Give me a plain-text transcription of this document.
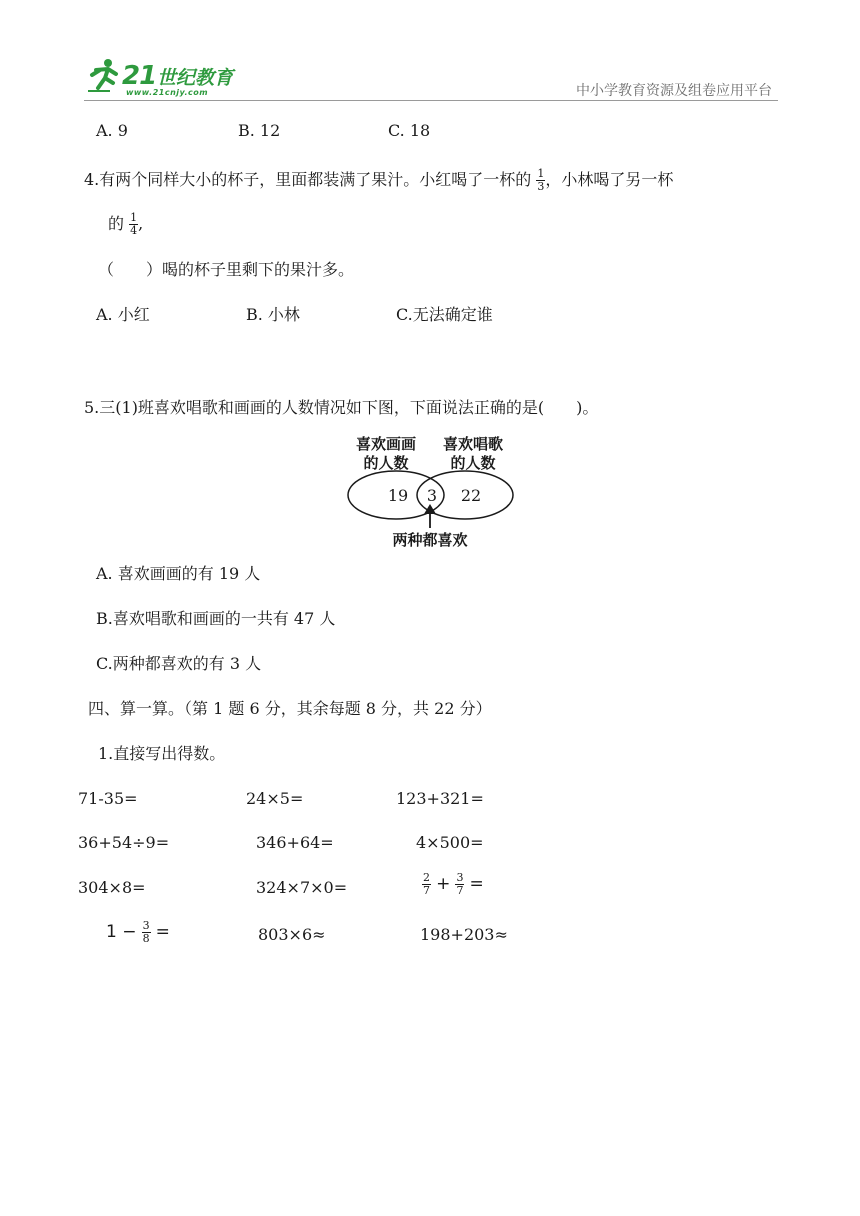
21 世纪教育
www.21cnjy.com	中小学教育资源及组卷应用平台
A. 9	B. 12	C. 18
4.有两个同样大小的杯子，里面都装满了果汁。小红喝了一杯的 $\frac{1}{3}$ ，小林喝了另一杯
的 $\frac{1}{4}$ ,
（　　）喝的杯子里剩下的果汁多。
A. 小红	B. 小林	C.无法确定谁
5.三(1)班喜欢唱歌和画画的人数情况如下图，下面说法正确的是(　　)。
喜欢画画
的人数
喜欢唱歌
的人数
19 3 22
两种都喜欢
A. 喜欢画画的有 19 人
B.喜欢唱歌和画画的一共有 47 人
C.两种都喜欢的有 3 人
四、算一算。（第 1 题 6 分，其余每题 8 分，共 22 分）
1.直接写出得数。
71-35=	24×5=	123+321=
36+54÷9=	346+64=	4×500=
304×8=	324×7×0=	$\frac{2}{7} + \frac{3}{7}$ =
$1 - \frac{3}{8}$ =	803×6≈	198+203≈
